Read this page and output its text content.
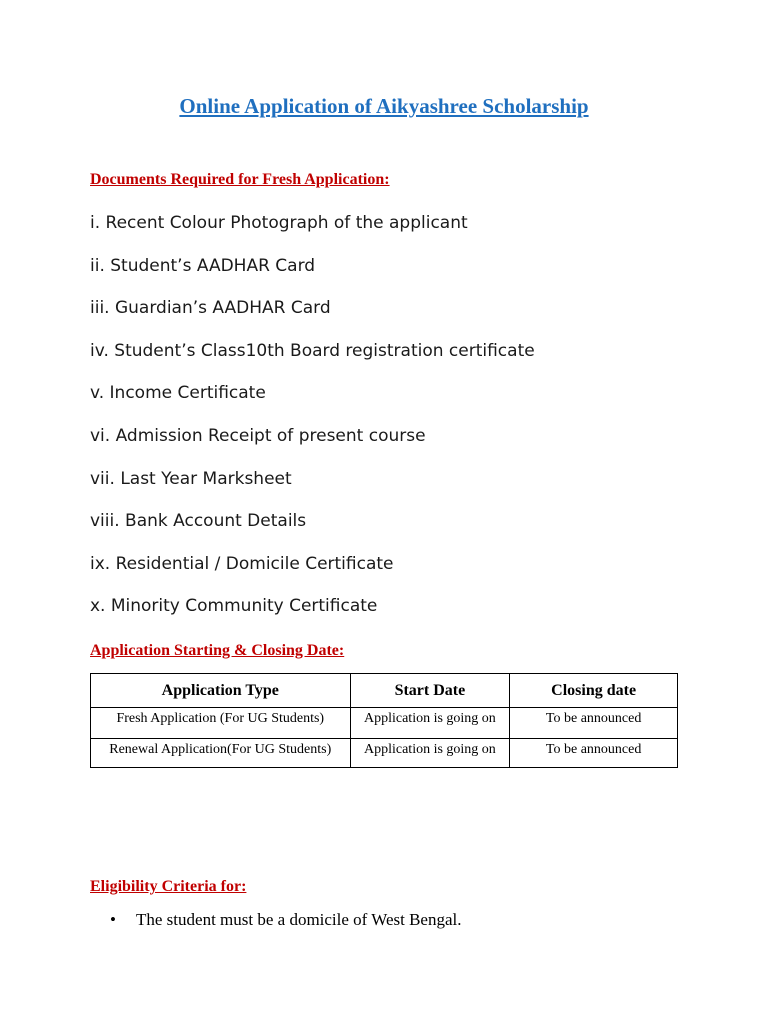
Online Application of Aikyashree Scholarship
Documents Required for Fresh Application:
i. Recent Colour Photograph of the applicant
ii. Student’s AADHAR Card
iii. Guardian’s AADHAR Card
iv. Student’s Class10th Board registration certificate
v. Income Certificate
vi. Admission Receipt of present course
vii. Last Year Marksheet
viii. Bank Account Details
ix. Residential / Domicile Certificate
x. Minority Community Certificate
Application Starting & Closing Date:
Application Type	Start Date	Closing date
Fresh Application (For UG Students)	Application is going on	To be announced
Renewal Application(For UG Students)	Application is going on	To be announced
Eligibility Criteria for:
• The student must be a domicile of West Bengal.
